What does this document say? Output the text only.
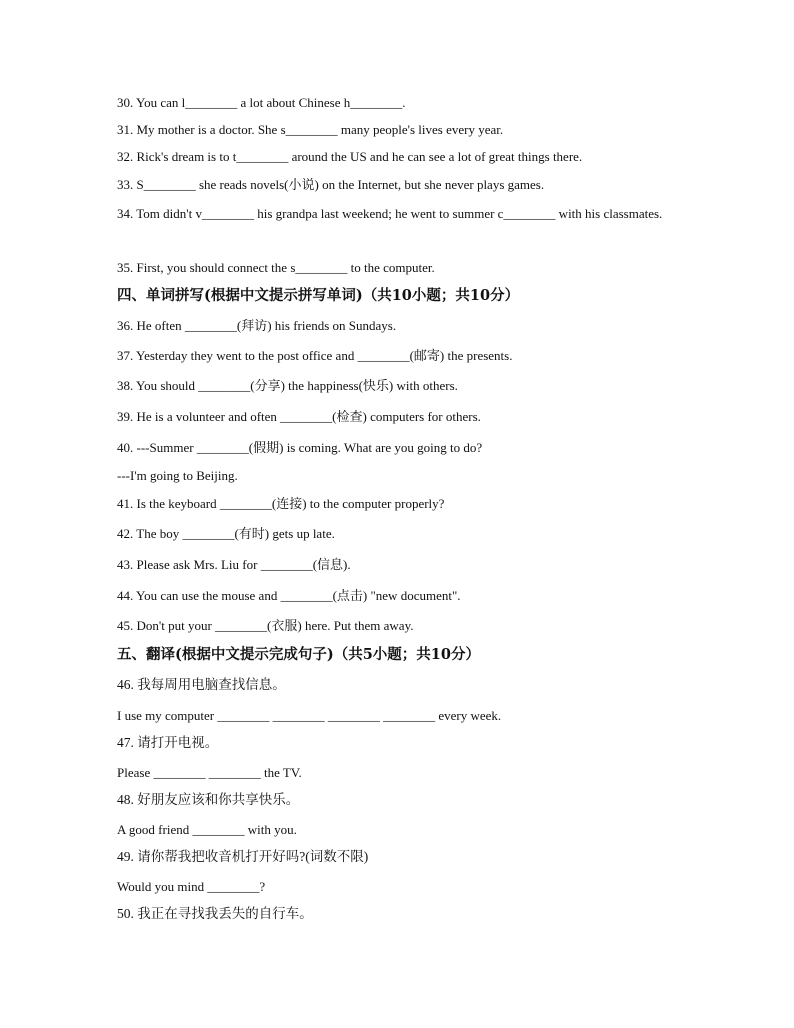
30. You can l________ a lot about Chinese h________.
31. My mother is a doctor. She s________ many people's lives every year.
32. Rick's dream is to t________ around the US and he can see a lot of great things there.
33. S________ she reads novels(小说) on the Internet, but she never plays games.
34. Tom didn't v________ his grandpa last weekend; he went to summer c________ with his classmates.
35. First, you should connect the s________ to the computer.
四、单词拼写(根据中文提示拼写单词)（共10小题；共10分）
36. He often ________(拜访) his friends on Sundays.
37. Yesterday they went to the post office and ________(邮寄) the presents.
38. You should ________(分享) the happiness(快乐) with others.
39. He is a volunteer and often ________(检查) computers for others.
40. ---Summer ________(假期) is coming. What are you going to do?
---I'm going to Beijing.
41. Is the keyboard ________(连接) to the computer properly?
42. The boy ________(有时) gets up late.
43. Please ask Mrs. Liu for ________(信息).
44. You can use the mouse and ________(点击) "new document".
45. Don't put your ________(衣服) here. Put them away.
五、翻译(根据中文提示完成句子)（共5小题；共10分）
46. 我每周用电脑查找信息。
I use my computer ________ ________ ________ ________ every week.
47. 请打开电视。
Please ________ ________ the TV.
48. 好朋友应该和你共享快乐。
A good friend ________ with you.
49. 请你帮我把收音机打开好吗?(词数不限)
Would you mind ________?
50. 我正在寻找我丢失的自行车。
